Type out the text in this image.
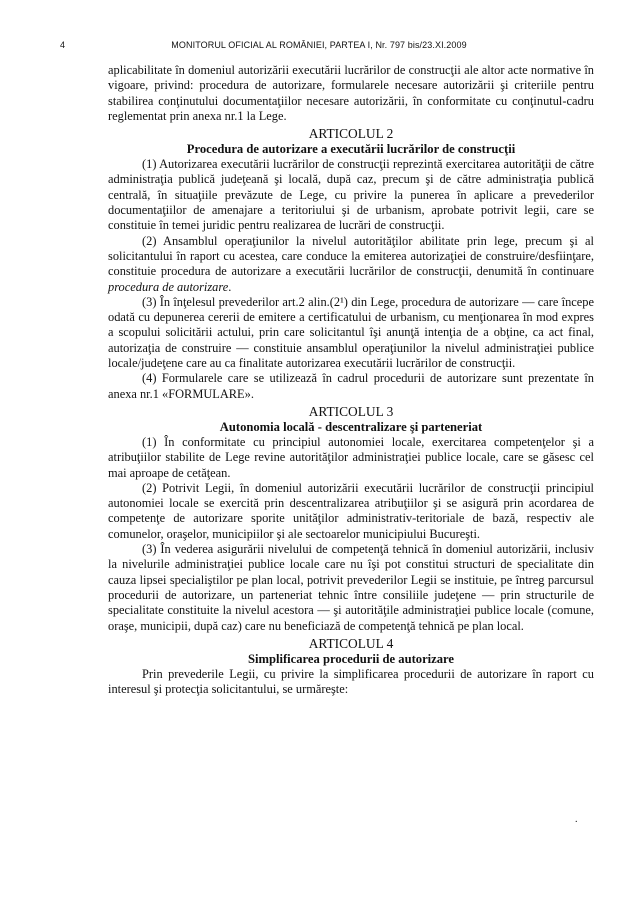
4	MONITORUL OFICIAL AL ROMÂNIEI, PARTEA I, Nr. 797 bis/23.XI.2009

aplicabilitate în domeniul autorizării executării lucrărilor de construcţii ale altor acte normative în vigoare, privind: procedura de autorizare, formularele necesare autorizării şi criteriile pentru stabilirea conţinutului documentaţiilor necesare autorizării, în conformitate cu conţinutul-cadru reglementat prin anexa nr.1 la Lege.

ARTICOLUL 2
Procedura de autorizare a executării lucrărilor de construcţii

(1) Autorizarea executării lucrărilor de construcţii reprezintă exercitarea autorităţii de către administraţia publică judeţeană şi locală, după caz, precum şi de către administraţia publică centrală, în situaţiile prevăzute de Lege, cu privire la punerea în aplicare a prevederilor documentaţiilor de amenajare a teritoriului şi de urbanism, aprobate potrivit legii, care se constituie în temei juridic pentru realizarea de lucrări de construcţii.

(2) Ansamblul operaţiunilor la nivelul autorităţilor abilitate prin lege, precum şi al solicitantului în raport cu acestea, care conduce la emiterea autorizaţiei de construire/desfiinţare, constituie procedura de autorizare a executării lucrărilor de construcţii, denumită în continuare procedura de autorizare.

(3) În înţelesul prevederilor art.2 alin.(2¹) din Lege, procedura de autorizare — care începe odată cu depunerea cererii de emitere a certificatului de urbanism, cu menţionarea în mod expres a scopului solicitării actului, prin care solicitantul îşi anunţă intenţia de a obţine, ca act final, autorizaţia de construire — constituie ansamblul operaţiunilor la nivelul administraţiei publice locale/judeţene care au ca finalitate autorizarea executării lucrărilor de construcţii.

(4) Formularele care se utilizează în cadrul procedurii de autorizare sunt prezentate în anexa nr.1 «FORMULARE».

ARTICOLUL 3
Autonomia locală - descentralizare şi parteneriat

(1) În conformitate cu principiul autonomiei locale, exercitarea competenţelor şi a atribuţiilor stabilite de Lege revine autorităţilor administraţiei publice locale, care se găsesc cel mai aproape de cetăţean.

(2) Potrivit Legii, în domeniul autorizării executării lucrărilor de construcţii principiul autonomiei locale se exercită prin descentralizarea atribuţiilor şi se asigură prin acordarea de competenţe de autorizare sporite unităţilor administrativ-teritoriale de bază, respectiv ale comunelor, oraşelor, municipiilor şi ale sectoarelor municipiului Bucureşti.

(3) În vederea asigurării nivelului de competenţă tehnică în domeniul autorizării, inclusiv la nivelurile administraţiei publice locale care nu îşi pot constitui structuri de specialitate din cauza lipsei specialiştilor pe plan local, potrivit prevederilor Legii se instituie, pe întreg parcursul procedurii de autorizare, un parteneriat tehnic între consiliile judeţene — prin structurile de specialitate constituite la nivelul acestora — şi autorităţile administraţiei publice locale (comune, oraşe, municipii, după caz) care nu beneficiază de competenţă tehnică pe plan local.

ARTICOLUL 4
Simplificarea procedurii de autorizare

Prin prevederile Legii, cu privire la simplificarea procedurii de autorizare în raport cu interesul şi protecţia solicitantului, se urmăreşte:

.
